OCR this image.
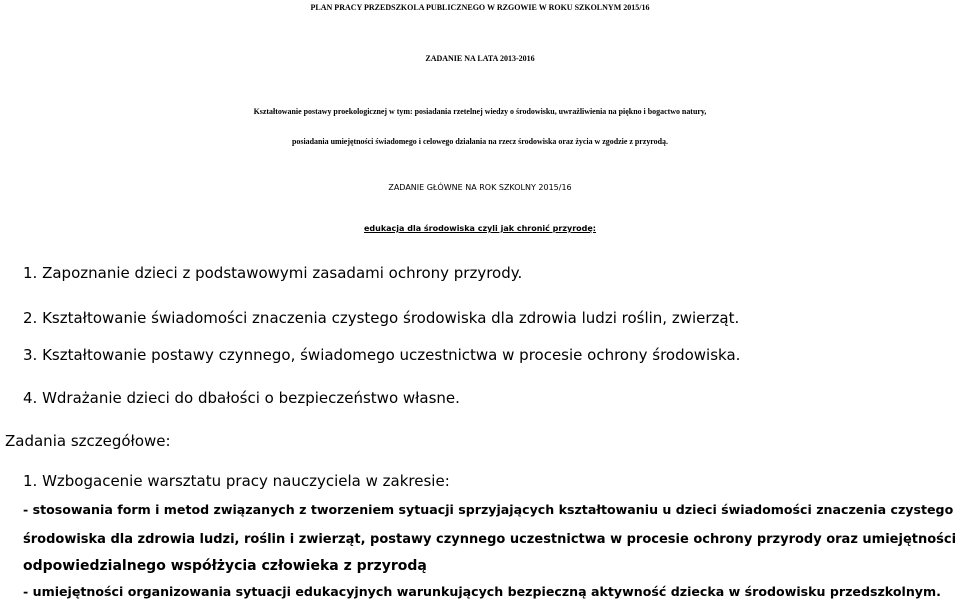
PLAN PRACY PRZEDSZKOLA PUBLICZNEGO W RZGOWIE W ROKU SZKOLNYM 2015/16
ZADANIE NA LATA 2013-2016
Kształtowanie postawy proekologicznej w tym: posiadania rzetelnej wiedzy o środowisku, uwrażliwienia na piękno i bogactwo natury,
posiadania umiejętności świadomego i celowego działania na rzecz środowiska oraz życia w zgodzie z przyrodą.
ZADANIE GŁÓWNE NA ROK SZKOLNY 2015/16
edukacja dla środowiska czyli jak chronić przyrodę:
1. Zapoznanie dzieci z podstawowymi zasadami ochrony przyrody.
2. Kształtowanie świadomości znaczenia czystego środowiska dla zdrowia ludzi roślin, zwierząt.
3. Kształtowanie postawy czynnego, świadomego uczestnictwa w procesie ochrony środowiska.
4. Wdrażanie dzieci do dbałości o bezpieczeństwo własne.
Zadania szczegółowe:
1. Wzbogacenie warsztatu pracy nauczyciela w zakresie:
- stosowania form i metod związanych z tworzeniem sytuacji sprzyjających kształtowaniu u dzieci świadomości znaczenia czystego
środowiska dla zdrowia ludzi, roślin i zwierząt, postawy czynnego uczestnictwa w procesie ochrony przyrody oraz umiejętności
odpowiedzialnego współżycia człowieka z przyrodą
- umiejętności organizowania sytuacji edukacyjnych warunkujących bezpieczną aktywność dziecka w środowisku przedszkolnym.
